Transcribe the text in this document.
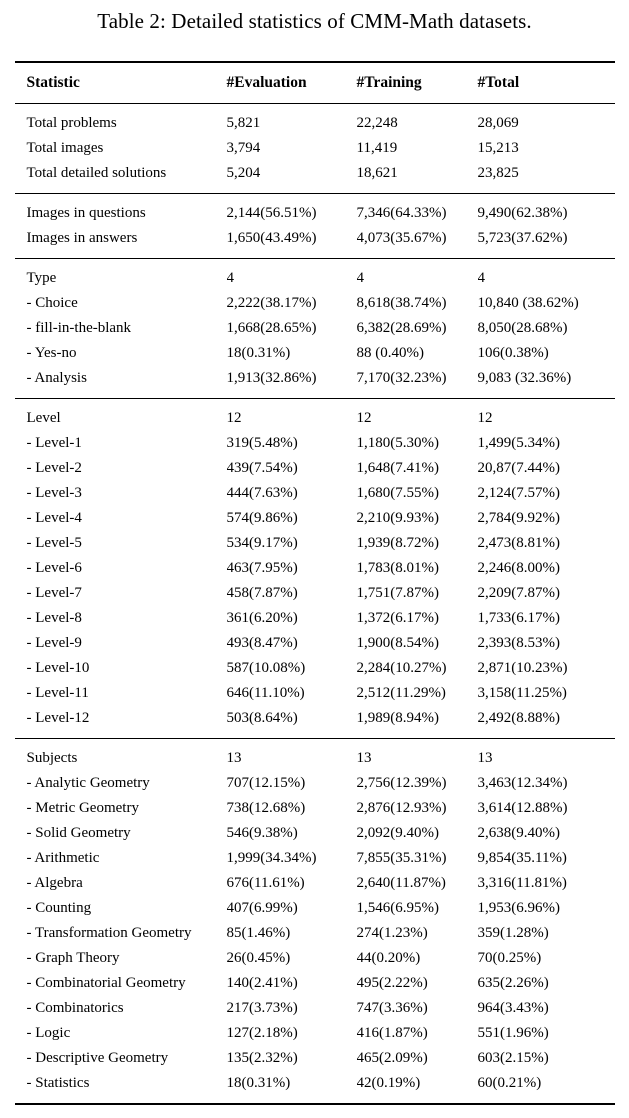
Table 2: Detailed statistics of CMM-Math datasets.
Statistic	#Evaluation	#Training	#Total
Total problems	5,821	22,248	28,069
Total images	3,794	11,419	15,213
Total detailed solutions	5,204	18,621	23,825
Images in questions	2,144(56.51%)	7,346(64.33%)	9,490(62.38%)
Images in answers	1,650(43.49%)	4,073(35.67%)	5,723(37.62%)
Type	4	4	4
- Choice	2,222(38.17%)	8,618(38.74%)	10,840 (38.62%)
- fill-in-the-blank	1,668(28.65%)	6,382(28.69%)	8,050(28.68%)
- Yes-no	18(0.31%)	88 (0.40%)	106(0.38%)
- Analysis	1,913(32.86%)	7,170(32.23%)	9,083 (32.36%)
Level	12	12	12
- Level-1	319(5.48%)	1,180(5.30%)	1,499(5.34%)
- Level-2	439(7.54%)	1,648(7.41%)	20,87(7.44%)
- Level-3	444(7.63%)	1,680(7.55%)	2,124(7.57%)
- Level-4	574(9.86%)	2,210(9.93%)	2,784(9.92%)
- Level-5	534(9.17%)	1,939(8.72%)	2,473(8.81%)
- Level-6	463(7.95%)	1,783(8.01%)	2,246(8.00%)
- Level-7	458(7.87%)	1,751(7.87%)	2,209(7.87%)
- Level-8	361(6.20%)	1,372(6.17%)	1,733(6.17%)
- Level-9	493(8.47%)	1,900(8.54%)	2,393(8.53%)
- Level-10	587(10.08%)	2,284(10.27%)	2,871(10.23%)
- Level-11	646(11.10%)	2,512(11.29%)	3,158(11.25%)
- Level-12	503(8.64%)	1,989(8.94%)	2,492(8.88%)
Subjects	13	13	13
- Analytic Geometry	707(12.15%)	2,756(12.39%)	3,463(12.34%)
- Metric Geometry	738(12.68%)	2,876(12.93%)	3,614(12.88%)
- Solid Geometry	546(9.38%)	2,092(9.40%)	2,638(9.40%)
- Arithmetic	1,999(34.34%)	7,855(35.31%)	9,854(35.11%)
- Algebra	676(11.61%)	2,640(11.87%)	3,316(11.81%)
- Counting	407(6.99%)	1,546(6.95%)	1,953(6.96%)
- Transformation Geometry	85(1.46%)	274(1.23%)	359(1.28%)
- Graph Theory	26(0.45%)	44(0.20%)	70(0.25%)
- Combinatorial Geometry	140(2.41%)	495(2.22%)	635(2.26%)
- Combinatorics	217(3.73%)	747(3.36%)	964(3.43%)
- Logic	127(2.18%)	416(1.87%)	551(1.96%)
- Descriptive Geometry	135(2.32%)	465(2.09%)	603(2.15%)
- Statistics	18(0.31%)	42(0.19%)	60(0.21%)
